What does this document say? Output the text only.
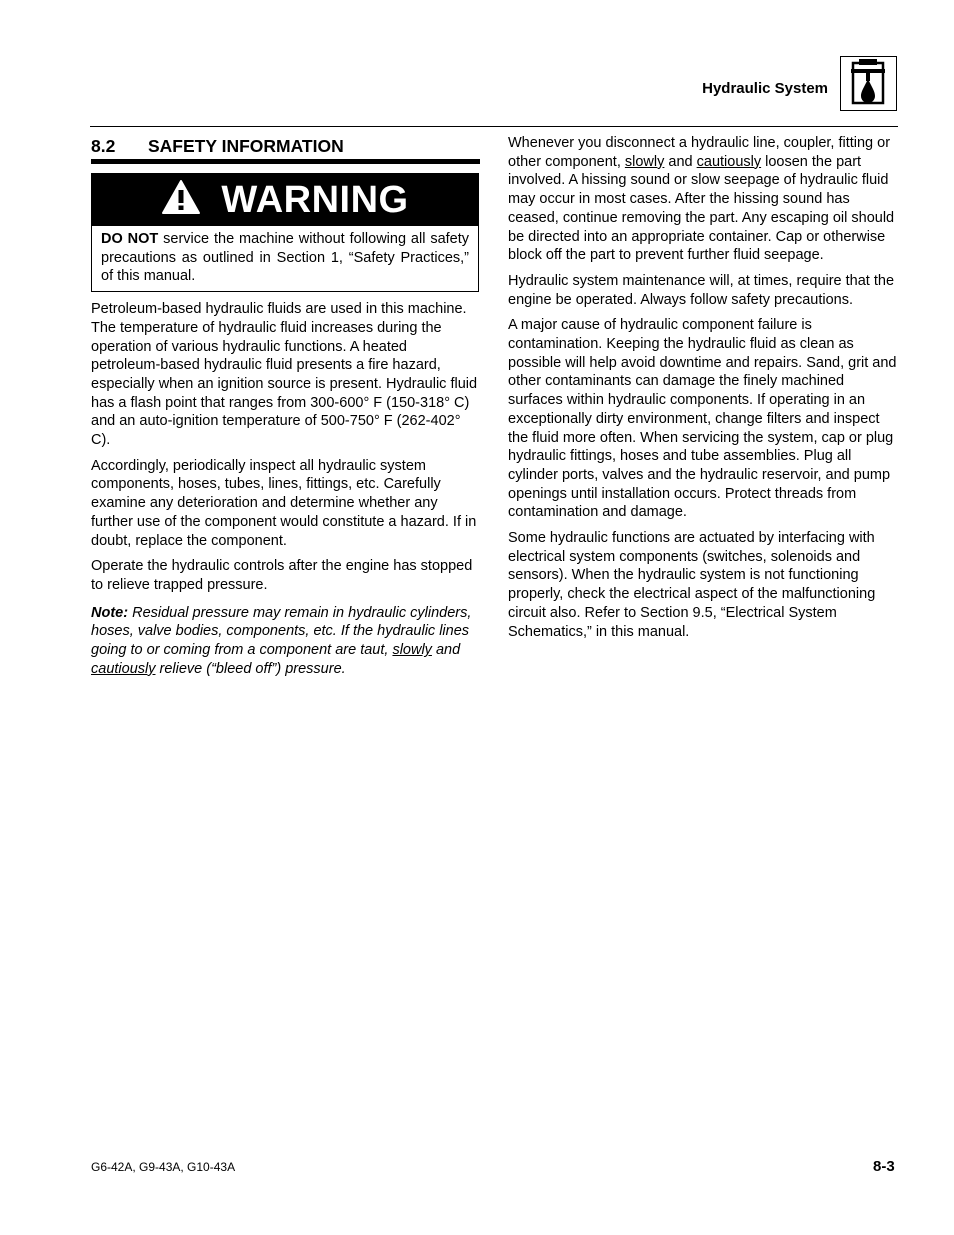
Hydraulic System
8.2 SAFETY INFORMATION
WARNING
DO NOT service the machine without following all safety precautions as outlined in Section 1, “Safety Practices,” of this manual.

Petroleum-based hydraulic fluids are used in this machine. The temperature of hydraulic fluid increases during the operation of various hydraulic functions. A heated petroleum-based hydraulic fluid presents a fire hazard, especially when an ignition source is present. Hydraulic fluid has a flash point that ranges from 300-600° F (150-318° C) and an auto-ignition temperature of 500-750° F (262-402° C).

Accordingly, periodically inspect all hydraulic system components, hoses, tubes, lines, fittings, etc. Carefully examine any deterioration and determine whether any further use of the component would constitute a hazard. If in doubt, replace the component.

Operate the hydraulic controls after the engine has stopped to relieve trapped pressure.

Note: Residual pressure may remain in hydraulic cylinders, hoses, valve bodies, components, etc. If the hydraulic lines going to or coming from a component are taut, slowly and cautiously relieve (“bleed off”) pressure.

Whenever you disconnect a hydraulic line, coupler, fitting or other component, slowly and cautiously loosen the part involved. A hissing sound or slow seepage of hydraulic fluid may occur in most cases. After the hissing sound has ceased, continue removing the part. Any escaping oil should be directed into an appropriate container. Cap or otherwise block off the part to prevent further fluid seepage.

Hydraulic system maintenance will, at times, require that the engine be operated. Always follow safety precautions.

A major cause of hydraulic component failure is contamination. Keeping the hydraulic fluid as clean as possible will help avoid downtime and repairs. Sand, grit and other contaminants can damage the finely machined surfaces within hydraulic components. If operating in an exceptionally dirty environment, change filters and inspect the fluid more often. When servicing the system, cap or plug hydraulic fittings, hoses and tube assemblies. Plug all cylinder ports, valves and the hydraulic reservoir, and pump openings until installation occurs. Protect threads from contamination and damage.

Some hydraulic functions are actuated by interfacing with electrical system components (switches, solenoids and sensors). When the hydraulic system is not functioning properly, check the electrical aspect of the malfunctioning circuit also. Refer to Section 9.5, “Electrical System Schematics,” in this manual.

G6-42A, G9-43A, G10-43A	8-3
